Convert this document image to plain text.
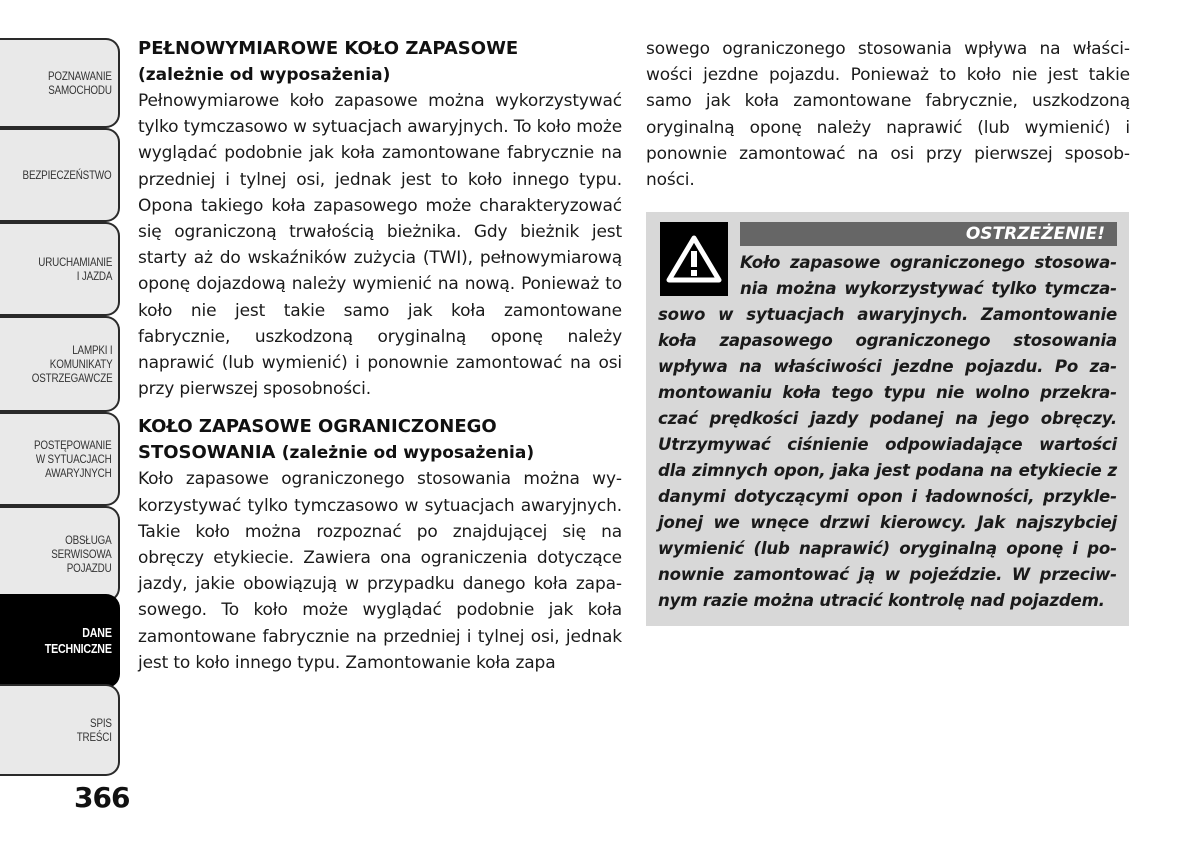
POZNAWANIE
SAMOCHODU
BEZPIECZEŃSTWO
URUCHAMIANIE
I JAZDA
LAMPKI I
KOMUNIKATY
OSTRZEGAWCZE
POSTĘPOWANIE
W SYTUACJACH
AWARYJNYCH
OBSŁUGA
SERWISOWA
POJAZDU
DANE
TECHNICZNE
SPIS
TREŚCI
366
PEŁNOWYMIAROWE KOŁO ZAPASOWE
(zależnie od wyposażenia)

Pełnowymiarowe koło zapasowe można wykorzystywać tylko tymczasowo w sytuacjach awaryjnych. To koło może wyglądać podobnie jak koła zamontowane fabrycznie na przedniej i tylnej osi, jednak jest to koło innego typu. Opona takiego koła zapasowego może charakteryzować się ograniczoną trwałością bieżnika. Gdy bieżnik jest starty aż do wskaźników zużycia (TWI), pełnowymiarową oponę dojazdową należy wymienić na nową. Ponieważ to koło nie jest takie samo jak koła zamontowane fabrycznie, uszkodzoną oryginalną oponę należy naprawić (lub wymienić) i ponownie zamontować na osi przy pierwszej sposobności.

KOŁO ZAPASOWE OGRANICZONEGO
STOSOWANIA (zależnie od wyposażenia)

Koło zapasowe ograniczonego stosowania można wykorzystywać tylko tymczasowo w sytuacjach awaryjnych. Takie koło można rozpoznać po znajdującej się na obręczy etykiecie. Zawiera ona ograniczenia dotyczące jazdy, jakie obowiązują w przypadku danego koła zapasowego. To koło może wyglądać podobnie jak koła zamontowane fabrycznie na przedniej i tylnej osi, jednak jest to koło innego typu. Zamontowanie koła zapa

sowego ograniczonego stosowania wpływa na właściwości jezdne pojazdu. Ponieważ to koło nie jest takie samo jak koła zamontowane fabrycznie, uszkodzoną oryginalną oponę należy naprawić (lub wymienić) i ponownie zamontować na osi przy pierwszej sposobności.

OSTRZEŻENIE!

Koło zapasowe ograniczonego stosowania można wykorzystywać tylko tymczasowo w sytuacjach awaryjnych. Zamontowanie koła zapasowego ograniczonego stosowania wpływa na właściwości jezdne pojazdu. Po zamontowaniu koła tego typu nie wolno przekraczać prędkości jazdy podanej na jego obręczy. Utrzymywać ciśnienie odpowiadające wartości dla zimnych opon, jaka jest podana na etykiecie z danymi dotyczącymi opon i ładowności, przyklejonej we wnęce drzwi kierowcy. Jak najszybciej wymienić (lub naprawić) oryginalną oponę i ponownie zamontować ją w pojeździe. W przeciwnym razie można utracić kontrolę nad pojazdem.
